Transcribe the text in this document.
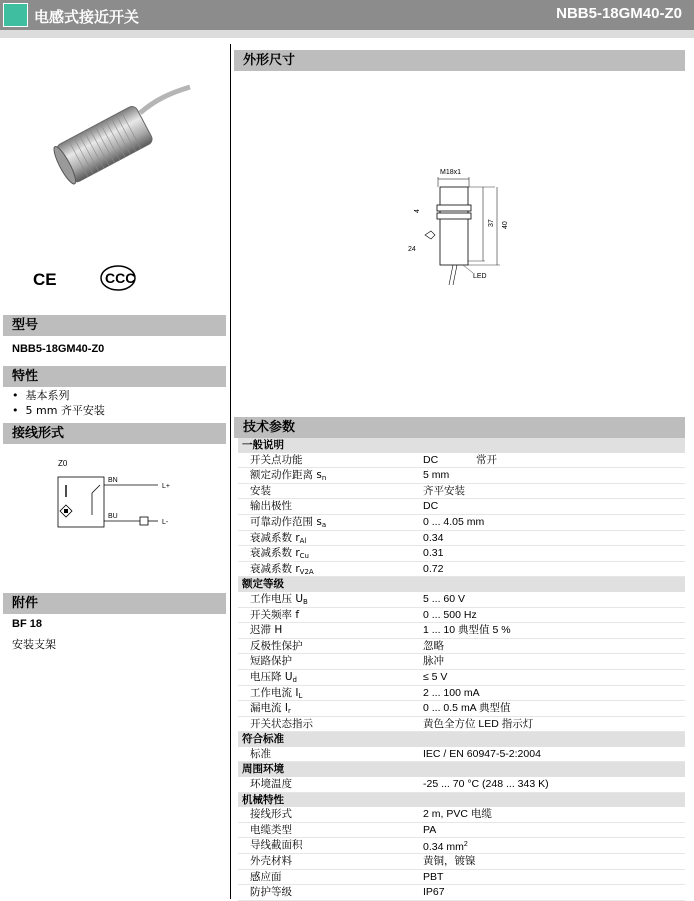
电感式接近开关	NBB5-18GM40-Z0
CE	CCC
型号
NBB5-18GM40-Z0
特性
•  基本系列
•  5 mm 齐平安装
接线形式
Z0
BN
L+
BU
L-
附件
BF 18
安装支架
外形尺寸
M18x1
4
24
37 40
LED
技术参数
一般说明
开关点功能	DC	常开
额定动作距离 $s_n$	5 mm
安装	齐平安装
输出极性	DC
可靠动作范围 $s_a$	0 ... 4.05 mm
衰减系数 $r_{Al}$	0.34
衰减系数 $r_{Cu}$	0.31
衰减系数 $r_{V2A}$	0.72
额定等级
工作电压 $U_B$	5 ... 60 V
开关频率 f	0 ... 500 Hz
迟滞 H	1 ... 10 典型值 5 %
反极性保护	忽略
短路保护	脉冲
电压降 $U_d$	≤ 5 V
工作电流 $I_L$	2 ... 100 mA
漏电流 $I_r$	0 ... 0.5 mA 典型值
开关状态指示	黄色全方位 LED 指示灯
符合标准
标准	IEC / EN 60947-5-2:2004
周围环境
环境温度	-25 ... 70 °C (248 ... 343 K)
机械特性
接线形式	2 m, PVC 电缆
电缆类型	PA
导线截面积	0.34 $mm^2$
外壳材料	黄铜，镀镍
感应面	PBT
防护等级	IP67
